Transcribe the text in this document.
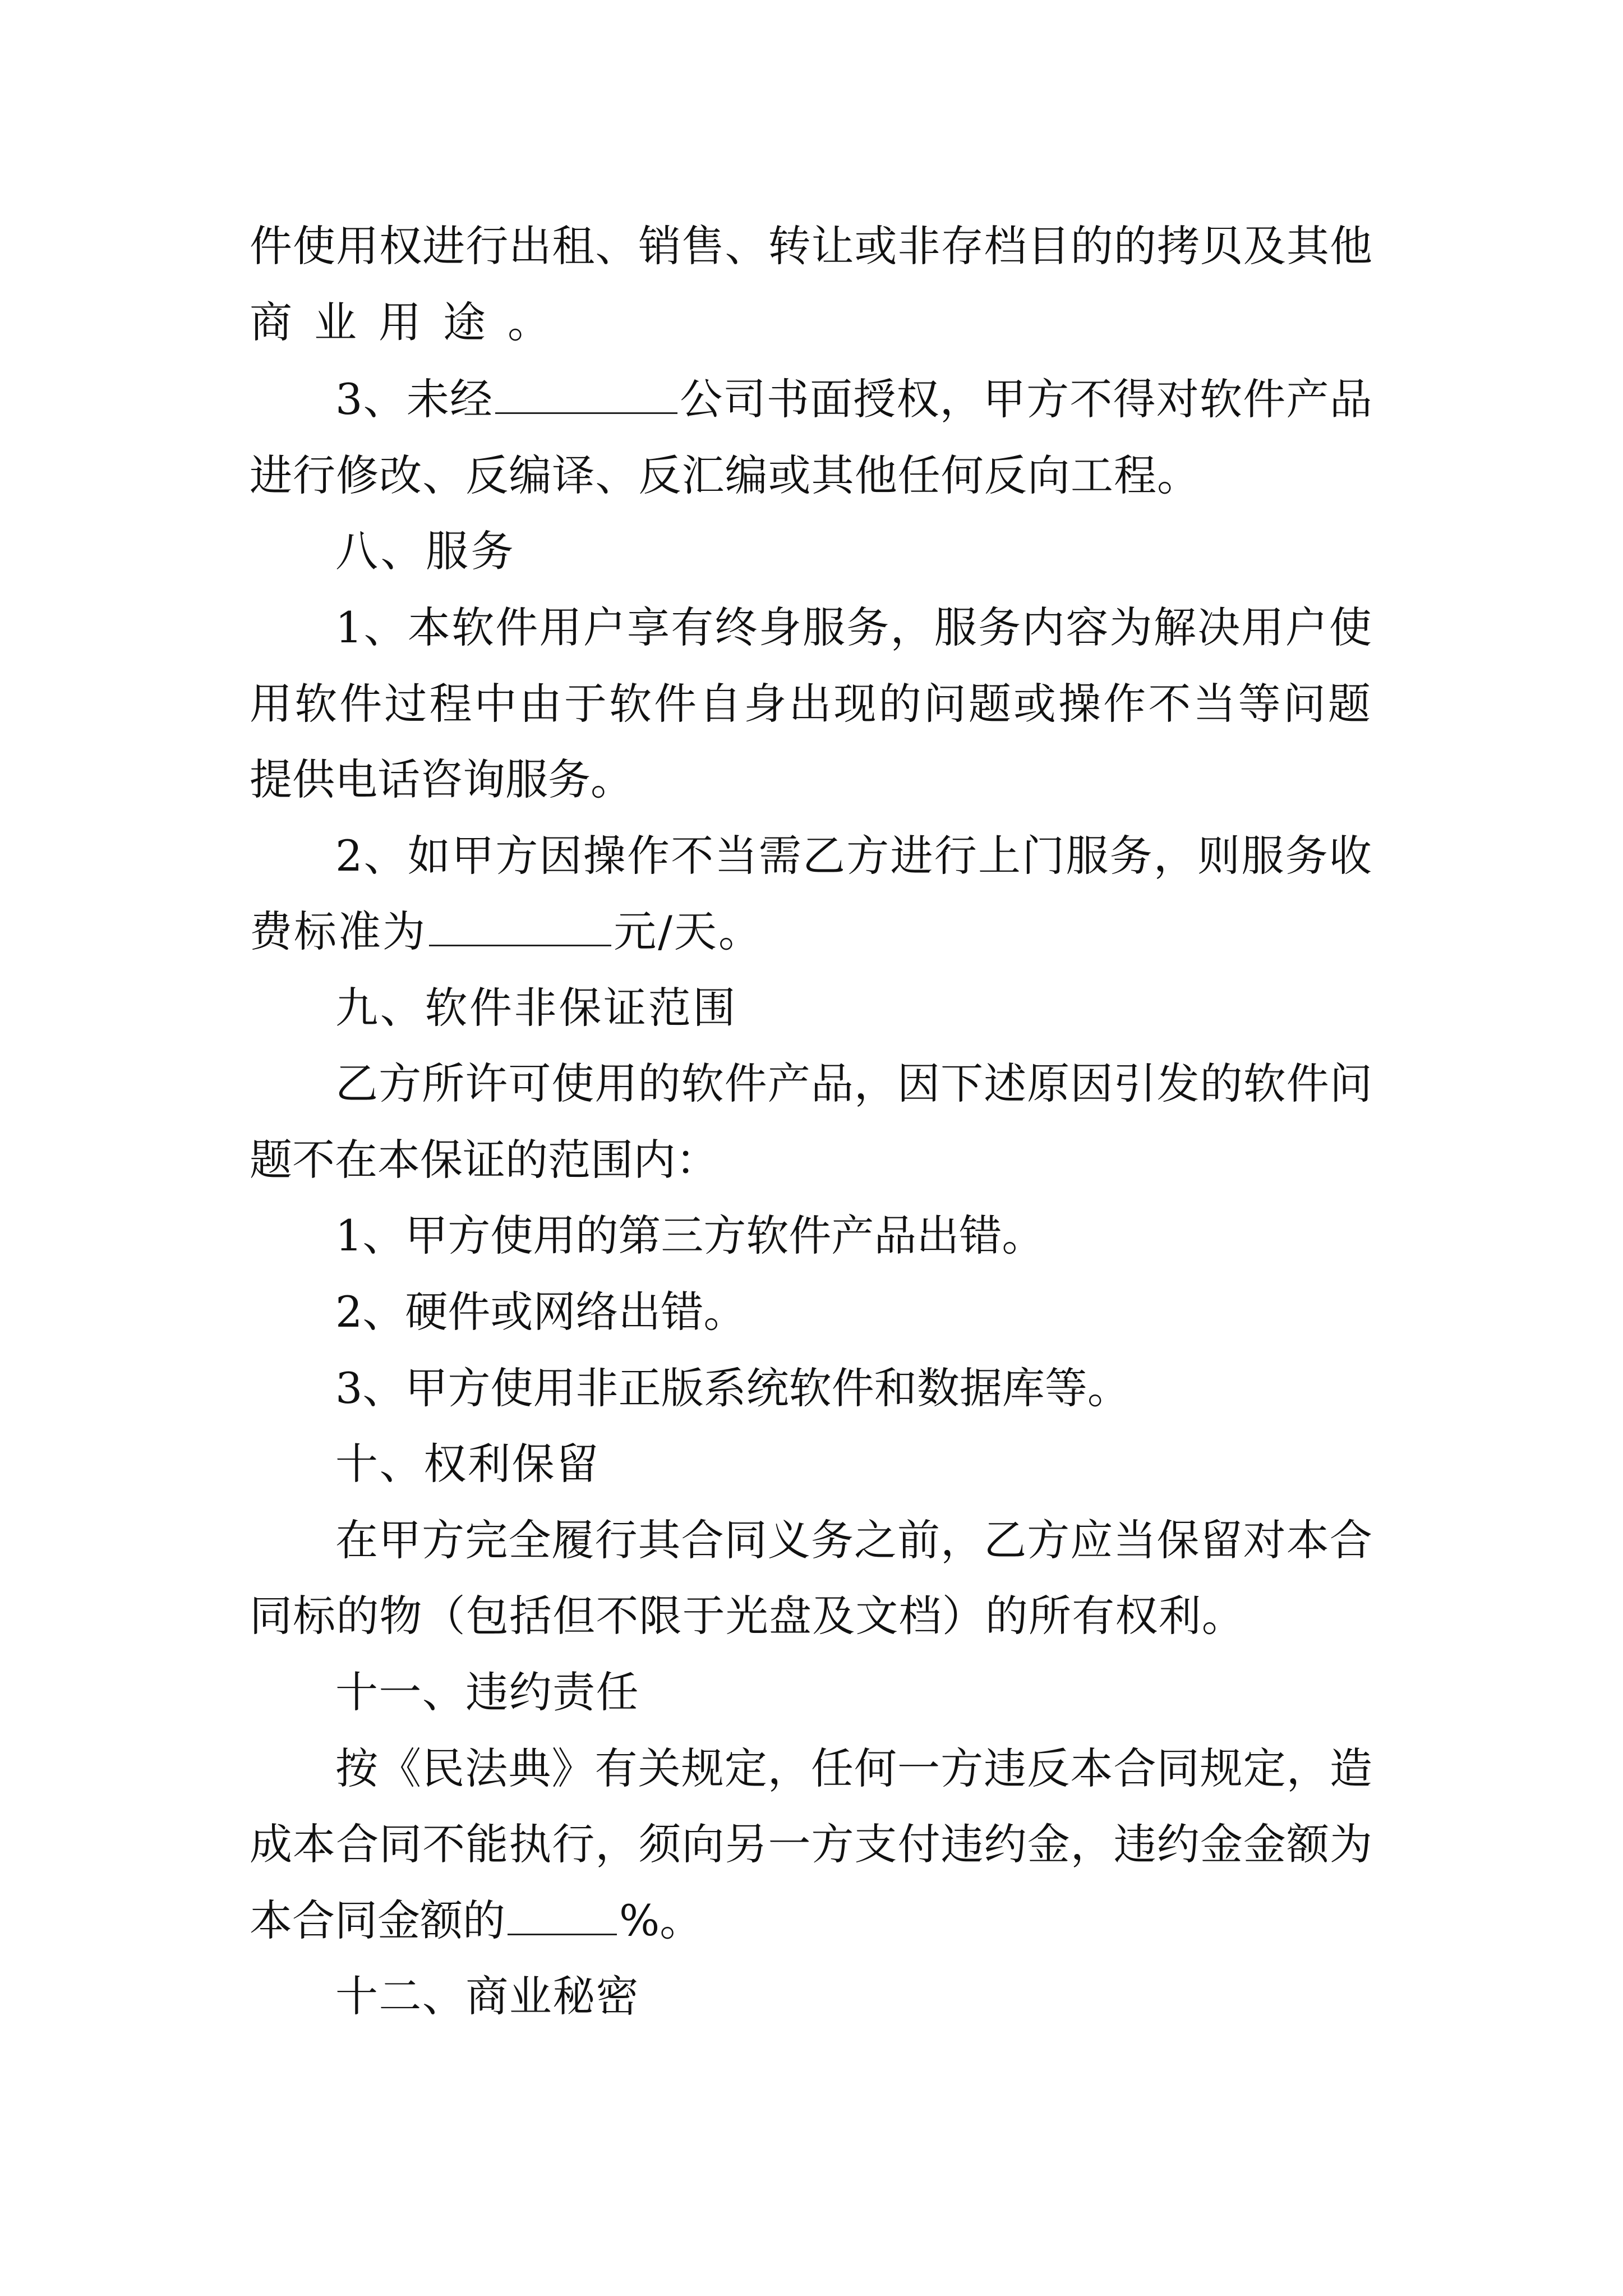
件使用权进行出租、销售、转让或非存档目的的拷贝及其他
商业用途。
3、未经	公司书面授权，甲方不得对软件产品
进行修改、反编译、反汇编或其他任何反向工程。
八、服务
1、本软件用户享有终身服务，服务内容为解决用户使
用软件过程中由于软件自身出现的问题或操作不当等问题
提供电话咨询服务。
2、如甲方因操作不当需乙方进行上门服务，则服务收
费标准为	元/天。
九、软件非保证范围
乙方所许可使用的软件产品，因下述原因引发的软件问
题不在本保证的范围内：
1、甲方使用的第三方软件产品出错。
2、硬件或网络出错。
3、甲方使用非正版系统软件和数据库等。
十、权利保留
在甲方完全履行其合同义务之前，乙方应当保留对本合
同标的物（包括但不限于光盘及文档）的所有权利。
十一、违约责任
按《民法典》有关规定，任何一方违反本合同规定，造
成本合同不能执行，须向另一方支付违约金，违约金金额为
本合同金额的	%。
十二、商业秘密
